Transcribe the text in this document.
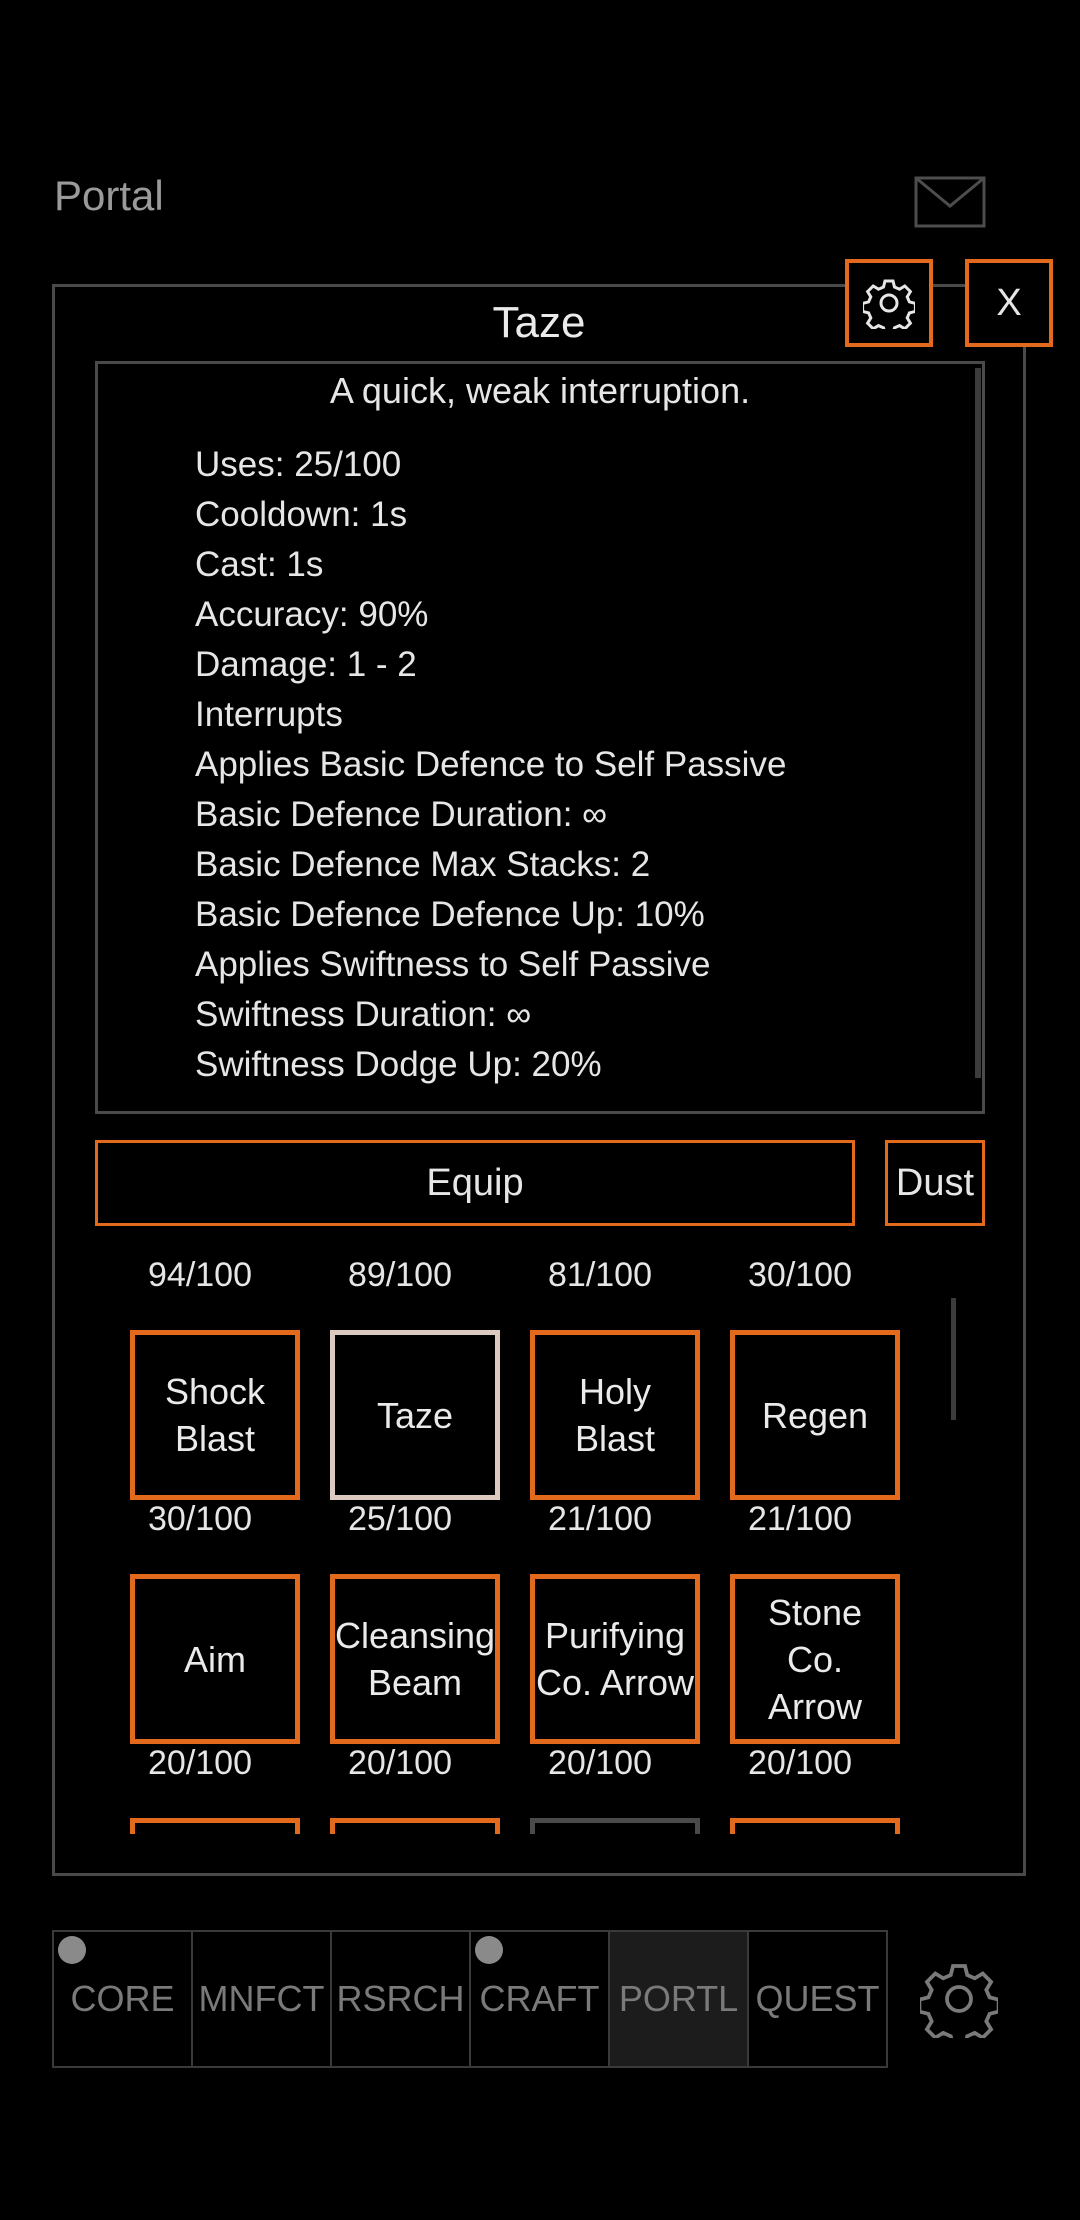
Portal
Taze	X
A quick, weak interruption.
Uses: 25/100
Cooldown: 1s
Cast: 1s
Accuracy: 90%
Damage: 1 - 2
Interrupts
Applies Basic Defence to Self Passive
Basic Defence Duration: ∞
Basic Defence Max Stacks: 2
Basic Defence Defence Up: 10%
Applies Swiftness to Self Passive
Swiftness Duration: ∞
Swiftness Dodge Up: 20%
Equip	Dust
94/100	89/100	81/100	30/100
Shock
Blast
Taze
Holy
Blast
Regen
30/100	25/100	21/100	21/100
Aim
Cleansing
Beam
Purifying
Co. Arrow
Stone Co.
Arrow
20/100	20/100	20/100	20/100
CORE MNFCT RSRCH CRAFT PORTL QUEST
